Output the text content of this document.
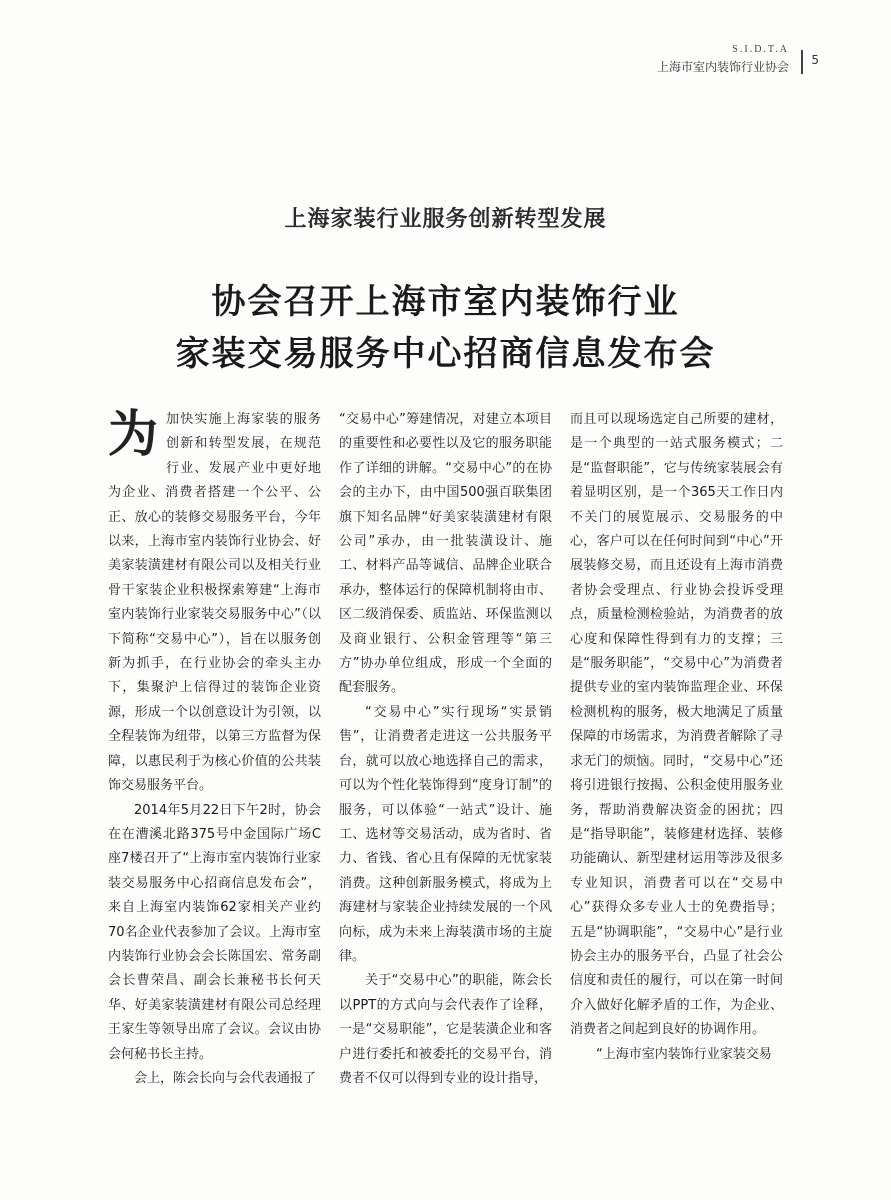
S.I.D.T.A
上海市室内装饰行业协会 5
上海家装行业服务创新转型发展
协会召开上海市室内装饰行业
家装交易服务中心招商信息发布会

为 加快实施上海家装的服务创新和转型发展，在规范行业、发展产业中更好地为企业、消费者搭建一个公平、公正、放心的装修交易服务平台，今年以来，上海市室内装饰行业协会、好美家装潢建材有限公司以及相关行业骨干家装企业积极探索筹建“上海市室内装饰行业家装交易服务中心”（以下简称“交易中心”），旨在以服务创新为抓手，在行业协会的牵头主办下，集聚沪上信得过的装饰企业资源，形成一个以创意设计为引领，以全程装饰为纽带，以第三方监督为保障，以惠民利于为核心价值的公共装饰交易服务平台。

2014年5月22日下午2时，协会在在漕溪北路375号中金国际广场C座7楼召开了“上海市室内装饰行业家装交易服务中心招商信息发布会”，来自上海室内装饰62家相关产业约70名企业代表参加了会议。上海市室内装饰行业协会会长陈国宏、常务副会长曹荣昌、副会长兼秘书长何天华、好美家装潢建材有限公司总经理王家生等领导出席了会议。会议由协会何秘书长主持。

会上，陈会长向与会代表通报了

“交易中心”筹建情况，对建立本项目的重要性和必要性以及它的服务职能作了详细的讲解。“交易中心”的在协会的主办下，由中国500强百联集团旗下知名品牌“好美家装潢建材有限公司”承办，由一批装潢设计、施工、材料产品等诚信、品牌企业联合承办，整体运行的保障机制将由市、区二级消保委、质监站、环保监测以及商业银行、公积金管理等“第三方”协办单位组成，形成一个全面的配套服务。

“交易中心”实行现场“实景销售”，让消费者走进这一公共服务平台，就可以放心地选择自己的需求，可以为个性化装饰得到“度身订制”的服务，可以体验“一站式”设计、施工、选材等交易活动，成为省时、省力、省钱、省心且有保障的无忧家装消费。这种创新服务模式，将成为上海建材与家装企业持续发展的一个风向标，成为未来上海装潢市场的主旋律。

关于“交易中心”的职能，陈会长以PPT的方式向与会代表作了诠释，一是“交易职能”，它是装潢企业和客户进行委托和被委托的交易平台，消费者不仅可以得到专业的设计指导，

而且可以现场选定自己所要的建材，是一个典型的一站式服务模式；二是“监督职能”，它与传统家装展会有着显明区别，是一个365天工作日内不关门的展览展示、交易服务的中心，客户可以在任何时间到“中心”开展装修交易，而且还设有上海市消费者协会受理点、行业协会投诉受理点，质量检测检验站，为消费者的放心度和保障性得到有力的支撑；三是“服务职能”，“交易中心”为消费者提供专业的室内装饰监理企业、环保检测机构的服务，极大地满足了质量保障的市场需求，为消费者解除了寻求无门的烦恼。同时，“交易中心”还将引进银行按揭、公积金使用服务业务，帮助消费解决资金的困扰；四是“指导职能”，装修建材选择、装修功能确认、新型建材运用等涉及很多专业知识，消费者可以在“交易中心”获得众多专业人士的免费指导；五是“协调职能”，“交易中心”是行业协会主办的服务平台，凸显了社会公信度和责任的履行，可以在第一时间介入做好化解矛盾的工作，为企业、消费者之间起到良好的协调作用。

“上海市室内装饰行业家装交易
